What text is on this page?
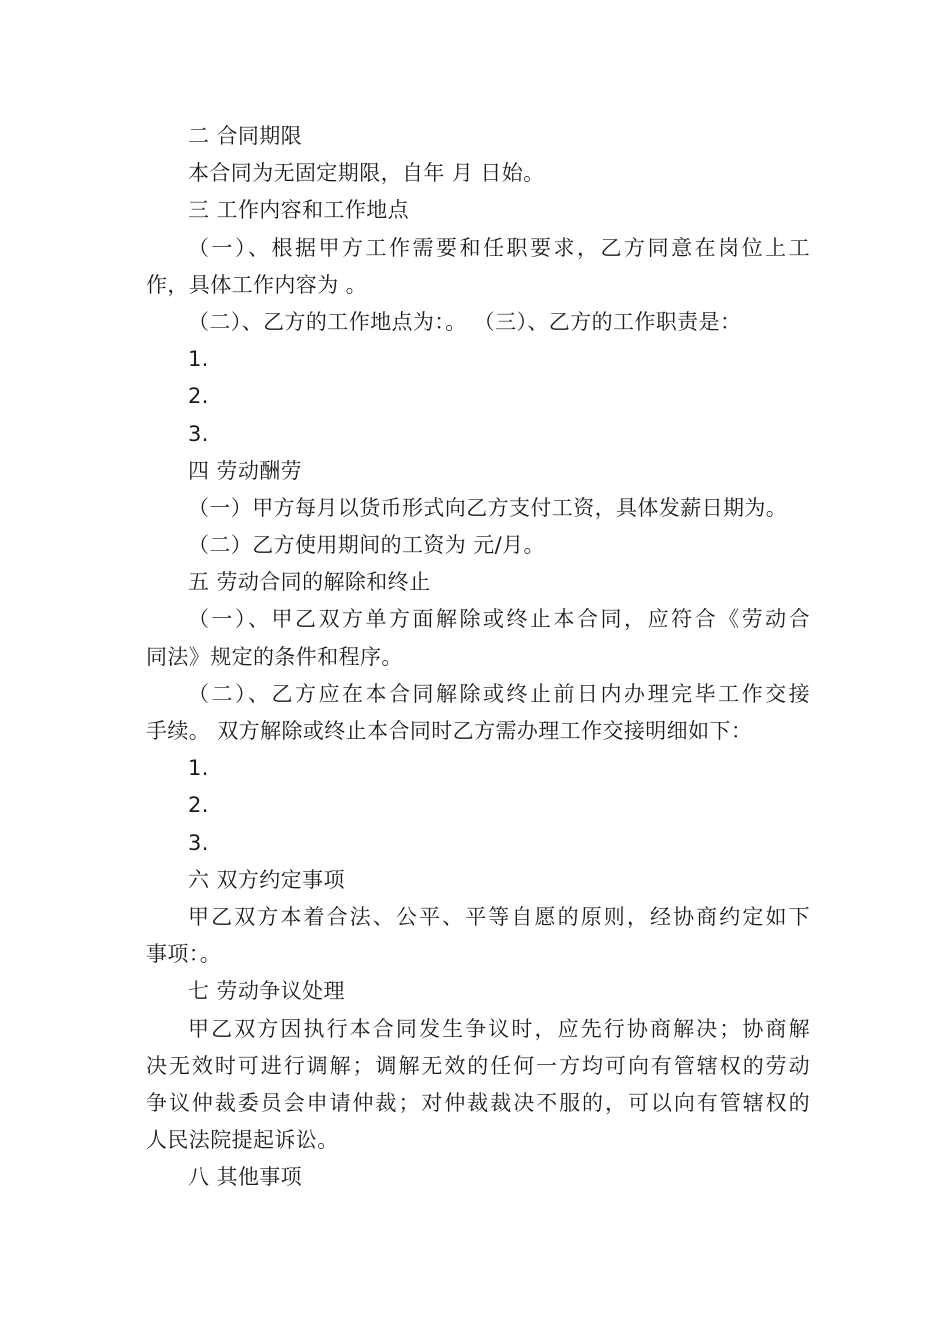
二 合同期限
本合同为无固定期限，自年 月 日始。
三 工作内容和工作地点
（一）、根据甲方工作需要和任职要求，乙方同意在岗位上工
作，具体工作内容为 。
（二）、乙方的工作地点为：。 （三）、乙方的工作职责是：
1.
2.
3.
四 劳动酬劳
（一）甲方每月以货币形式向乙方支付工资，具体发薪日期为。
（二）乙方使用期间的工资为 元/月。
五 劳动合同的解除和终止
（一）、甲乙双方单方面解除或终止本合同，应符合《劳动合
同法》规定的条件和程序。
（二）、乙方应在本合同解除或终止前日内办理完毕工作交接
手续。 双方解除或终止本合同时乙方需办理工作交接明细如下：
1.
2.
3.
六 双方约定事项
甲乙双方本着合法、公平、平等自愿的原则，经协商约定如下
事项：。
七 劳动争议处理
甲乙双方因执行本合同发生争议时，应先行协商解决；协商解
决无效时可进行调解；调解无效的任何一方均可向有管辖权的劳动
争议仲裁委员会申请仲裁；对仲裁裁决不服的，可以向有管辖权的
人民法院提起诉讼。
八 其他事项
